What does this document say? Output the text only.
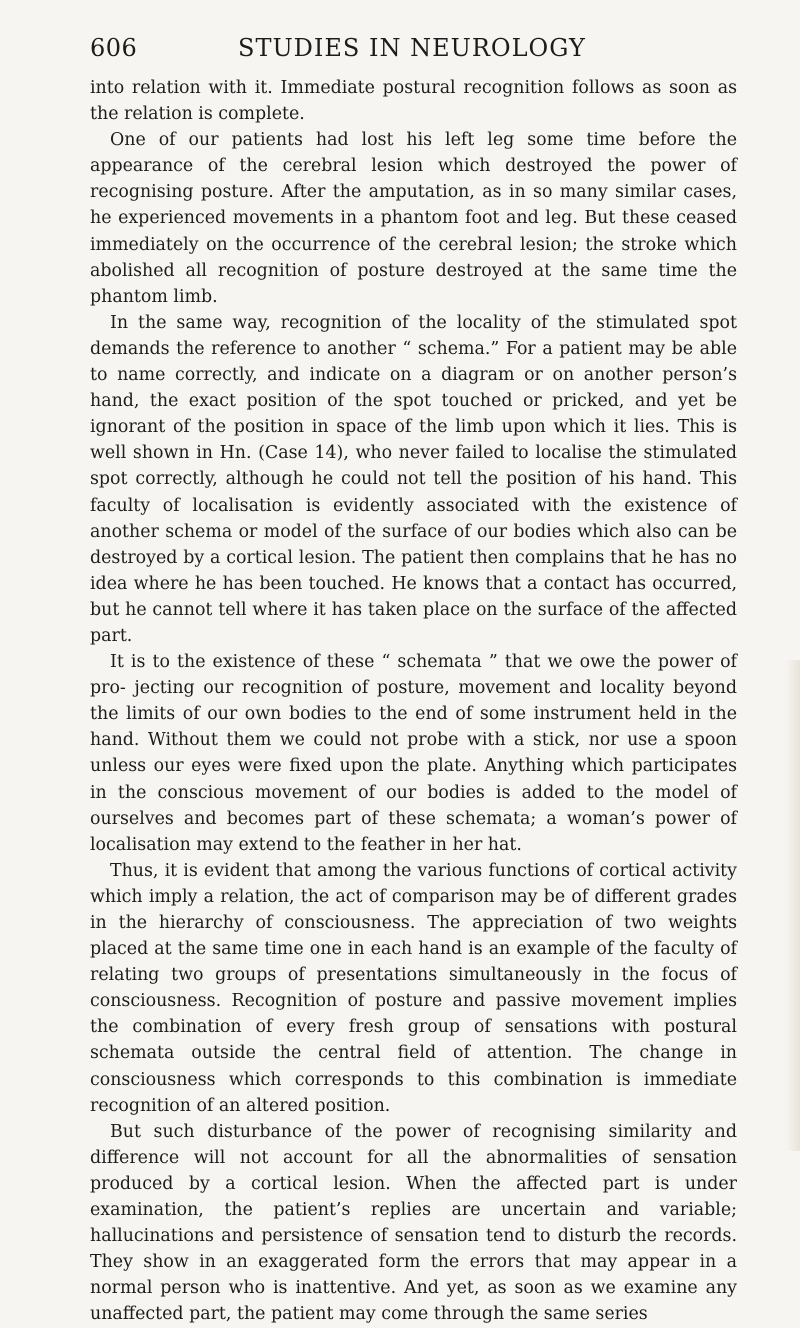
606	STUDIES IN NEUROLOGY

into relation with it. Immediate postural recognition follows as soon as the relation is complete.

One of our patients had lost his left leg some time before the appearance of the cerebral lesion which destroyed the power of recognising posture. After the amputation, as in so many similar cases, he experienced movements in a phantom foot and leg. But these ceased immediately on the occurrence of the cerebral lesion; the stroke which abolished all recognition of posture destroyed at the same time the phantom limb.

In the same way, recognition of the locality of the stimulated spot demands the reference to another “ schema.” For a patient may be able to name correctly, and indicate on a diagram or on another person’s hand, the exact position of the spot touched or pricked, and yet be ignorant of the position in space of the limb upon which it lies. This is well shown in Hn. (Case 14), who never failed to localise the stimulated spot correctly, although he could not tell the position of his hand. This faculty of localisation is evidently associated with the existence of another schema or model of the surface of our bodies which also can be destroyed by a cortical lesion. The patient then complains that he has no idea where he has been touched. He knows that a contact has occurred, but he cannot tell where it has taken place on the surface of the affected part.

It is to the existence of these “ schemata ” that we owe the power of pro- jecting our recognition of posture, movement and locality beyond the limits of our own bodies to the end of some instrument held in the hand. Without them we could not probe with a stick, nor use a spoon unless our eyes were fixed upon the plate. Anything which participates in the conscious movement of our bodies is added to the model of ourselves and becomes part of these schemata; a woman’s power of localisation may extend to the feather in her hat.

Thus, it is evident that among the various functions of cortical activity which imply a relation, the act of comparison may be of different grades in the hierarchy of consciousness. The appreciation of two weights placed at the same time one in each hand is an example of the faculty of relating two groups of presentations simultaneously in the focus of consciousness. Recognition of posture and passive movement implies the combination of every fresh group of sensations with postural schemata outside the central field of attention. The change in consciousness which corresponds to this combination is immediate recognition of an altered position.

But such disturbance of the power of recognising similarity and difference will not account for all the abnormalities of sensation produced by a cortical lesion. When the affected part is under examination, the patient’s replies are uncertain and variable; hallucinations and persistence of sensation tend to disturb the records. They show in an exaggerated form the errors that may appear in a normal person who is inattentive. And yet, as soon as we examine any unaffected part, the patient may come through the same series
